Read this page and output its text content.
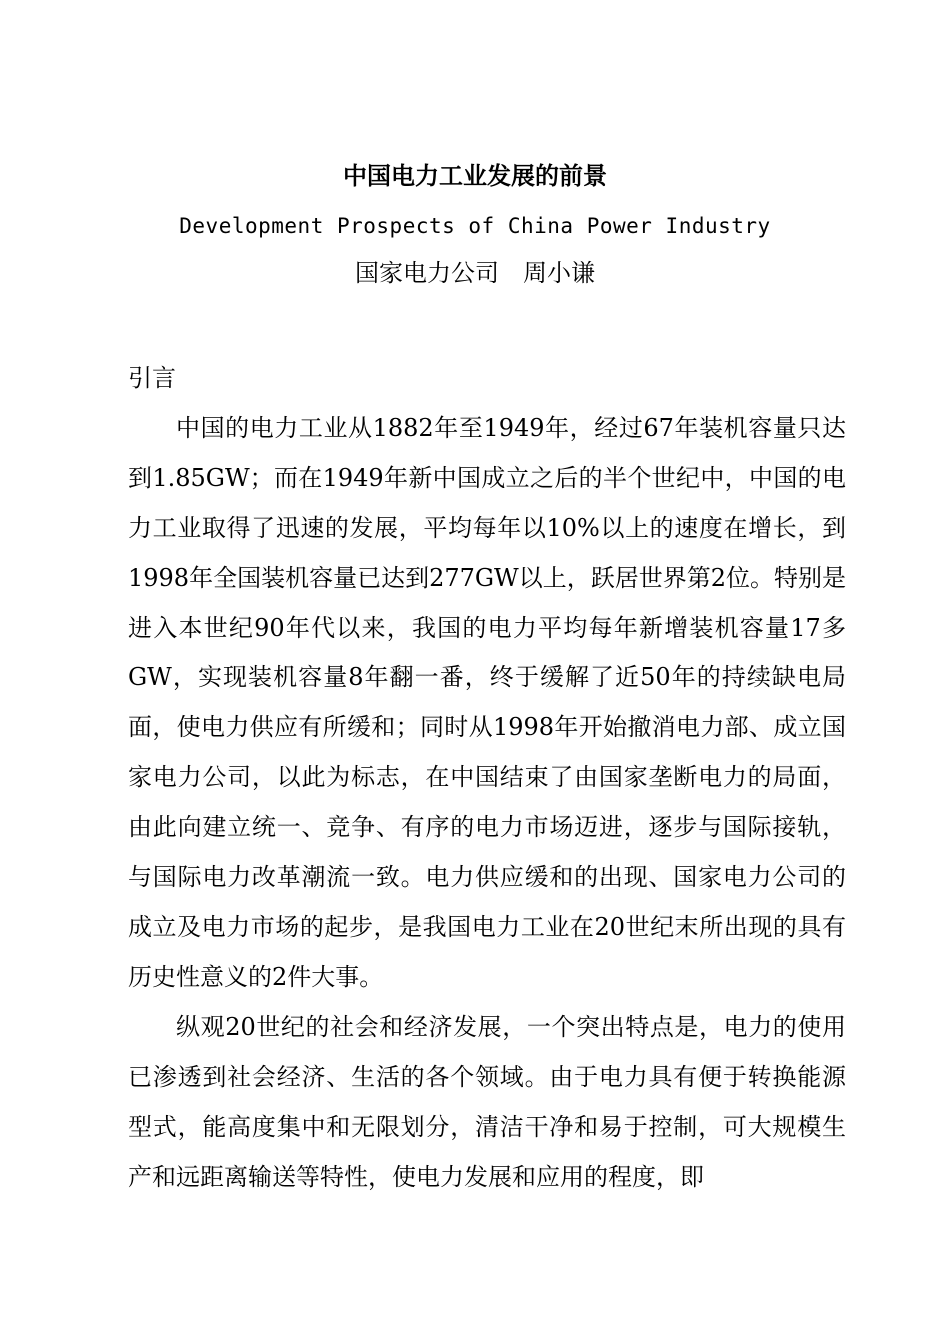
中国电力工业发展的前景
Development Prospects of China Power Industry
国家电力公司　周小谦

引言

中国的电力工业从1882年至1949年，经过67年装机容量只达到1.85GW；而在1949年新中国成立之后的半个世纪中，中国的电力工业取得了迅速的发展，平均每年以10%以上的速度在增长，到1998年全国装机容量已达到277GW以上，跃居世界第2位。特别是进入本世纪90年代以来，我国的电力平均每年新增装机容量17多GW，实现装机容量8年翻一番，终于缓解了近50年的持续缺电局面，使电力供应有所缓和；同时从1998年开始撤消电力部、成立国家电力公司，以此为标志，在中国结束了由国家垄断电力的局面，由此向建立统一、竞争、有序的电力市场迈进，逐步与国际接轨，与国际电力改革潮流一致。电力供应缓和的出现、国家电力公司的成立及电力市场的起步，是我国电力工业在20世纪末所出现的具有历史性意义的2件大事。

纵观20世纪的社会和经济发展，一个突出特点是，电力的使用已渗透到社会经济、生活的各个领域。由于电力具有便于转换能源型式，能高度集中和无限划分，清洁干净和易于控制，可大规模生产和远距离输送等特性，使电力发展和应用的程度，即
